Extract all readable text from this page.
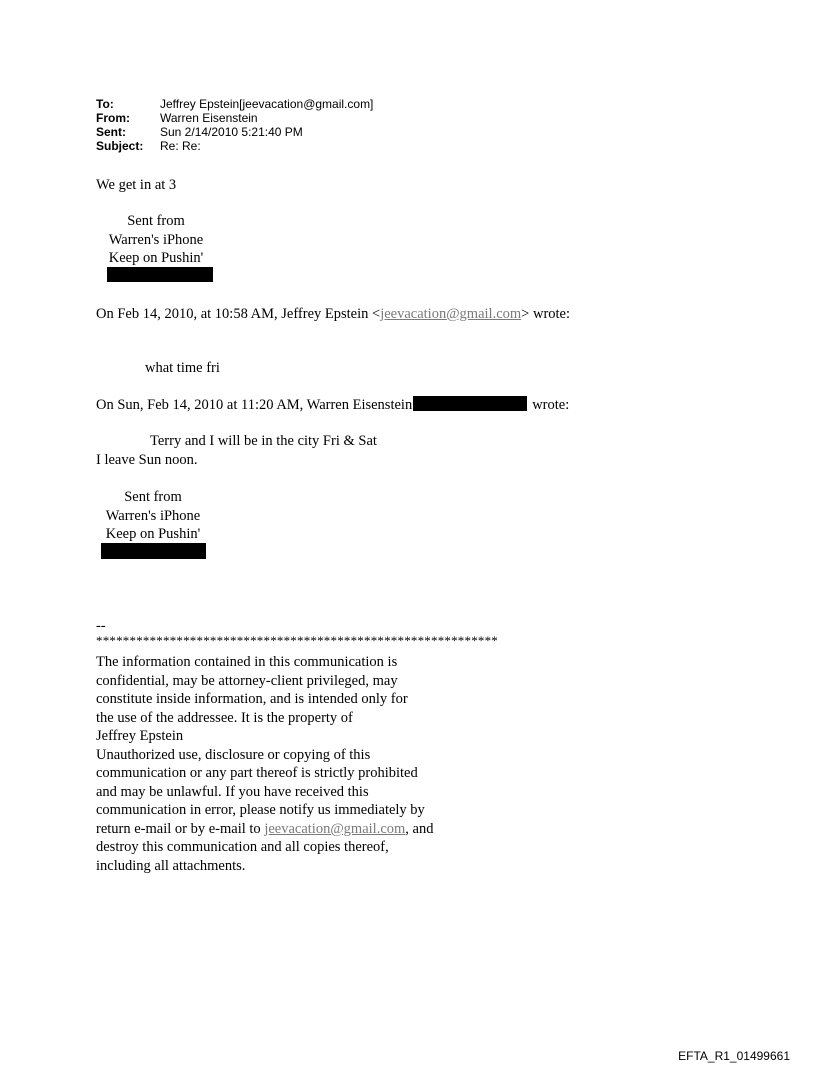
To:	Jeffrey Epstein[jeevacation@gmail.com]
From:	Warren Eisenstein
Sent:	Sun 2/14/2010 5:21:40 PM
Subject:	Re: Re:
We get in at 3
Sent from
Warren's iPhone
Keep on Pushin'
On Feb 14, 2010, at 10:58 AM, Jeffrey Epstein <jeevacation@gmail.com> wrote:
what time fri
On Sun, Feb 14, 2010 at 11:20 AM, Warren Eisenstein	wrote:
Terry and I will be in the city Fri & Sat
I leave Sun noon.
Sent from
Warren's iPhone
Keep on Pushin'
--
************************************************************
The information contained in this communication is
confidential, may be attorney-client privileged, may
constitute inside information, and is intended only for
the use of the addressee. It is the property of
Jeffrey Epstein
Unauthorized use, disclosure or copying of this
communication or any part thereof is strictly prohibited
and may be unlawful. If you have received this
communication in error, please notify us immediately by
return e-mail or by e-mail to jeevacation@gmail.com, and
destroy this communication and all copies thereof,
including all attachments.
EFTA_R1_01499661
